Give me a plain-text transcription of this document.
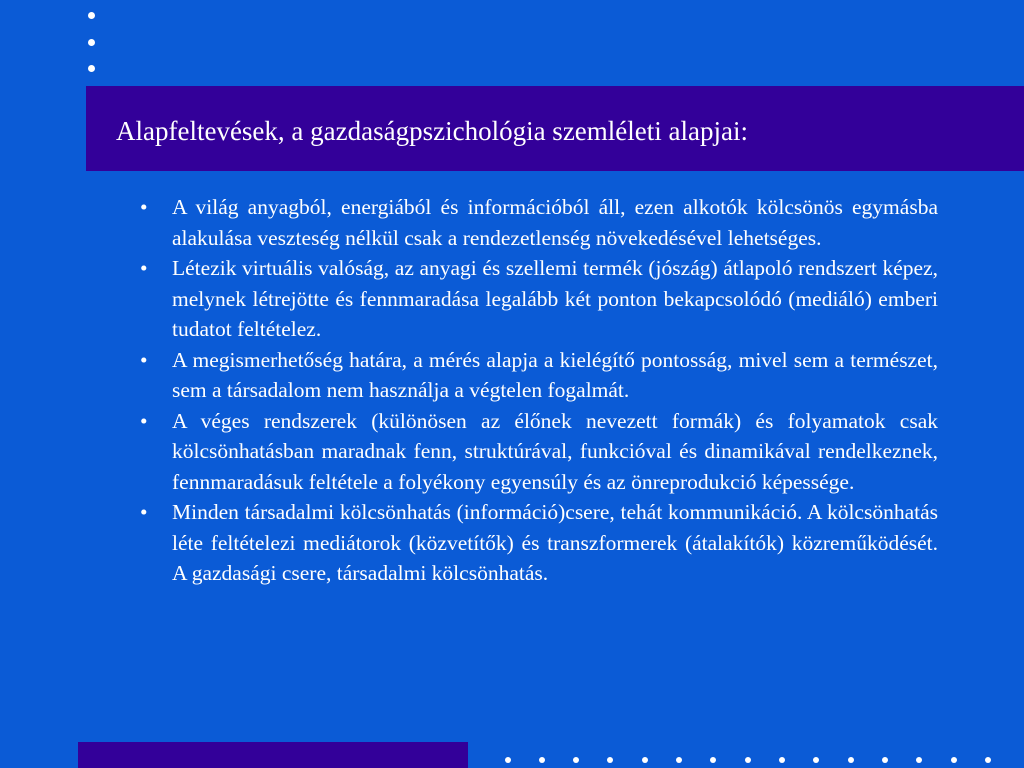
Alapfeltevések, a gazdaságpszichológia szemléleti alapjai:
• A világ anyagból, energiából és információból áll, ezen alkotók kölcsönös egymásba alakulása veszteség nélkül csak a rendezetlenség növekedésével lehetséges.
• Létezik virtuális valóság, az anyagi és szellemi termék (jószág) átlapoló rendszert képez, melynek létrejötte és fennmaradása legalább két ponton bekapcsolódó (mediáló) emberi tudatot feltételez.
• A megismerhetőség határa, a mérés alapja a kielégítő pontosság, mivel sem a természet, sem a társadalom nem használja a végtelen fogalmát.
• A véges rendszerek (különösen az élőnek nevezett formák) és folyamatok csak kölcsönhatásban maradnak fenn, struktúrával, funkcióval és dinamikával rendelkeznek, fennmaradásuk feltétele a folyékony egyensúly és az önreprodukció képessége.
• Minden társadalmi kölcsönhatás (információ)csere, tehát kommunikáció. A kölcsönhatás léte feltételezi mediátorok (közvetítők) és transzformerek (átalakítók) közreműködését. A gazdasági csere, társadalmi kölcsönhatás.
